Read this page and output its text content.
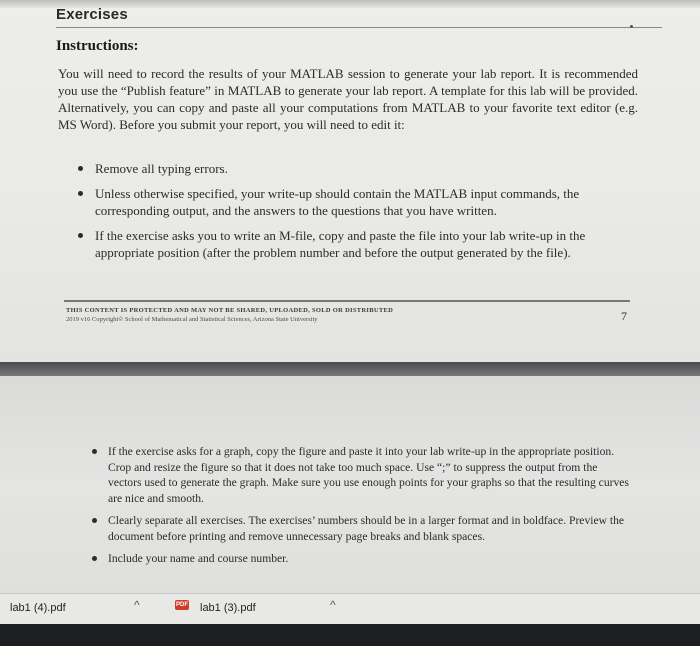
Exercises
Instructions:
You will need to record the results of your MATLAB session to generate your lab report. It is recommended you use the “Publish feature” in MATLAB to generate your lab report. A template for this lab will be provided. Alternatively, you can copy and paste all your computations from MATLAB to your favorite text editor (e.g. MS Word). Before you submit your report, you will need to edit it:
Remove all typing errors.
Unless otherwise specified, your write-up should contain the MATLAB input commands, the corresponding output, and the answers to the questions that you have written.
If the exercise asks you to write an M-file, copy and paste the file into your lab write-up in the appropriate position (after the problem number and before the output generated by the file).
THIS CONTENT IS PROTECTED AND MAY NOT BE SHARED, UPLOADED, SOLD OR DISTRIBUTED
2019 v16 Copyright© School of Mathematical and Statistical Sciences, Arizona State University	7
If the exercise asks for a graph, copy the figure and paste it into your lab write-up in the appropriate position. Crop and resize the figure so that it does not take too much space. Use “;” to suppress the output from the vectors used to generate the graph. Make sure you use enough points for your graphs so that the resulting curves are nice and smooth.
Clearly separate all exercises. The exercises’ numbers should be in a larger format and in boldface. Preview the document before printing and remove unnecessary page breaks and blank spaces.
Include your name and course number.
lab1 (4).pdf	^	PDF lab1 (3).pdf	^
